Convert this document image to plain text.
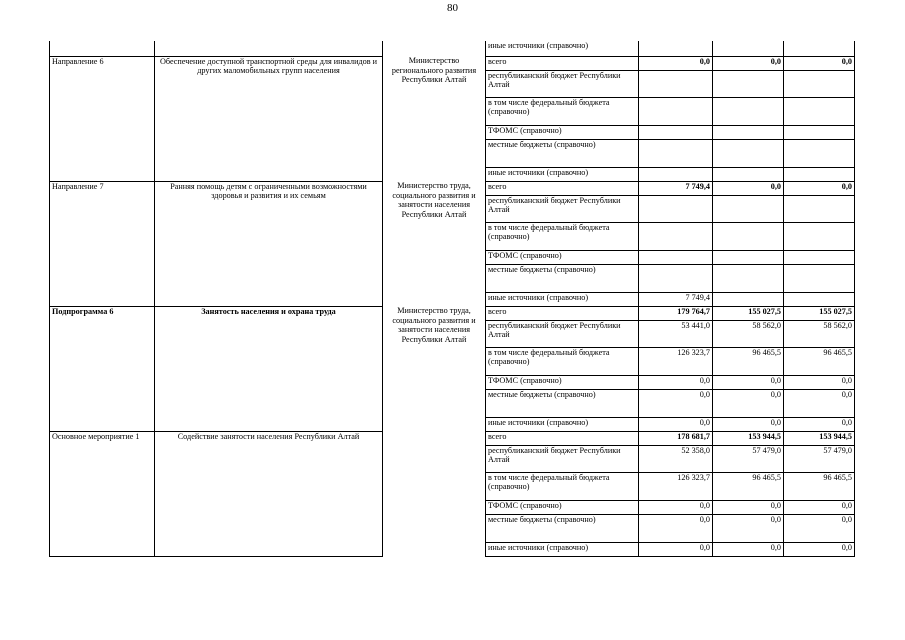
80
			иные источники (справочно)			
Направление 6	Обеспечение доступной транспортной среды для инвалидов и других маломобильных групп населения	Министерство регионального развития Республики Алтай	всего	0,0	0,0	0,0
			республиканский бюджет Республики Алтай			
			в том числе федеральный бюджета (справочно)			
			ТФОМС (справочно)			
			местные бюджеты (справочно)			
			иные источники (справочно)			
Направление 7	Ранняя помощь детям с ограниченными возможностями здоровья и развития и их семьям	Министерство труда, социального развития и занятости населения Республики Алтай	всего	7 749,4	0,0	0,0
			республиканский бюджет Республики Алтай			
			в том числе федеральный бюджета (справочно)			
			ТФОМС (справочно)			
			местные бюджеты (справочно)			
			иные источники (справочно)	7 749,4		
Подпрограмма 6	Занятость населения и охрана труда	Министерство труда, социального развития и занятости населения Республики Алтай	всего	179 764,7	155 027,5	155 027,5
			республиканский бюджет Республики Алтай	53 441,0	58 562,0	58 562,0
			в том числе федеральный бюджета (справочно)	126 323,7	96 465,5	96 465,5
			ТФОМС (справочно)	0,0	0,0	0,0
			местные бюджеты (справочно)	0,0	0,0	0,0
			иные источники (справочно)	0,0	0,0	0,0
Основное мероприятие 1	Содействие занятости населения Республики Алтай		всего	178 681,7	153 944,5	153 944,5
			республиканский бюджет Республики Алтай	52 358,0	57 479,0	57 479,0
			в том числе федеральный бюджета (справочно)	126 323,7	96 465,5	96 465,5
			ТФОМС (справочно)	0,0	0,0	0,0
			местные бюджеты (справочно)	0,0	0,0	0,0
			иные источники (справочно)	0,0	0,0	0,0
